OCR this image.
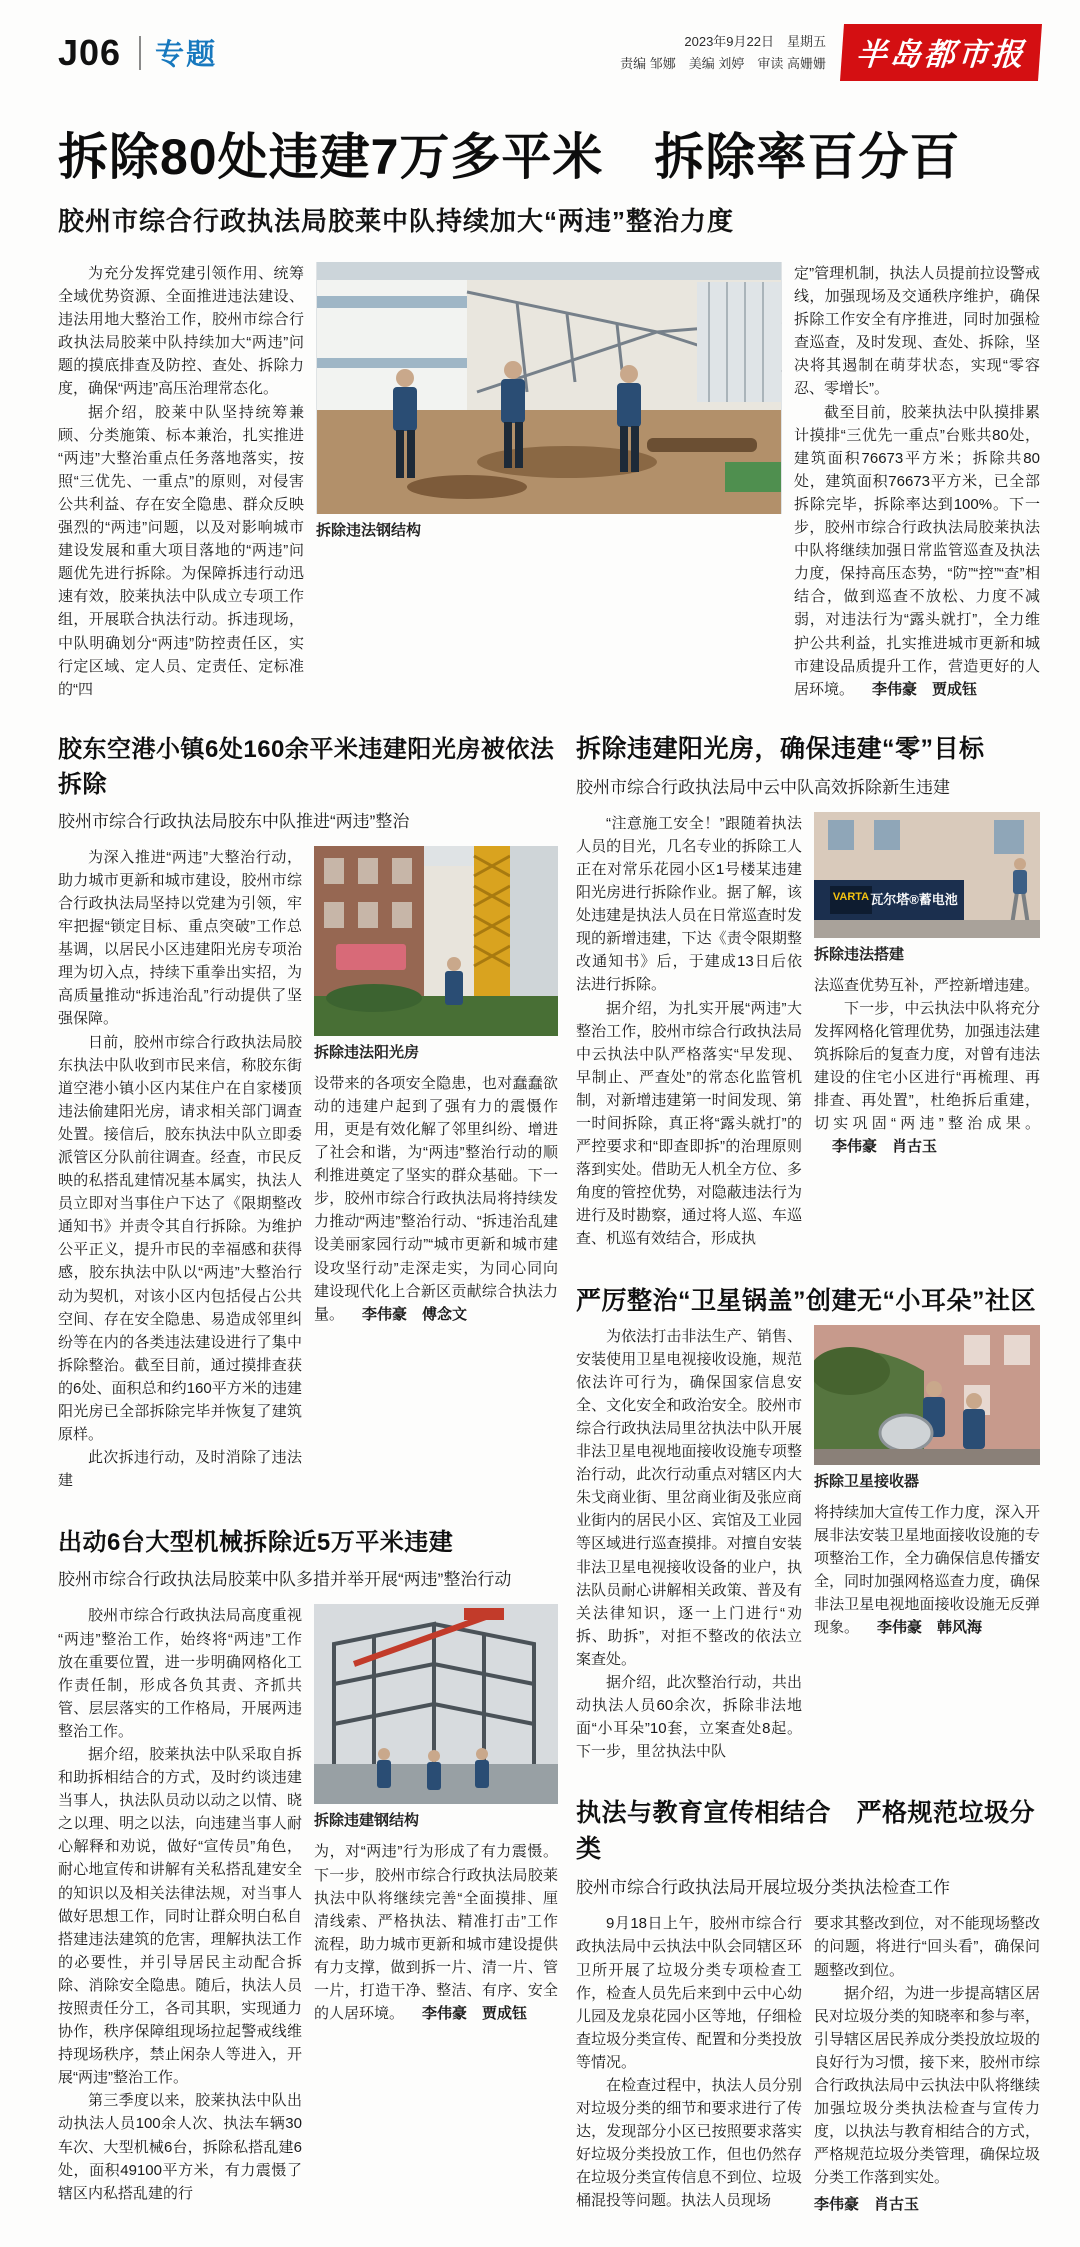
J06 专题	2023年9月22日　星期五
责编 邹娜　美编 刘婷　审读 高姗姗 半岛都市报
拆除80处违建7万多平米　拆除率百分百
胶州市综合行政执法局胶莱中队持续加大“两违”整治力度

为充分发挥党建引领作用、统筹全域优势资源、全面推进违法建设、违法用地大整治工作，胶州市综合行政执法局胶莱中队持续加大“两违”问题的摸底排查及防控、查处、拆除力度，确保“两违”高压治理常态化。

据介绍，胶莱中队坚持统筹兼顾、分类施策、标本兼治，扎实推进“两违”大整治重点任务落地落实，按照“三优先、一重点”的原则，对侵害公共利益、存在安全隐患、群众反映强烈的“两违”问题，以及对影响城市建设发展和重大项目落地的“两违”问题优先进行拆除。为保障拆违行动迅速有效，胶莱执法中队成立专项工作组，开展联合执法行动。拆违现场，中队明确划分“两违”防控责任区，实行定区域、定人员、定责任、定标准的“四

拆除违法钢结构

定”管理机制，执法人员提前拉设警戒线，加强现场及交通秩序维护，确保拆除工作安全有序推进，同时加强检查巡查，及时发现、查处、拆除，坚决将其遏制在萌芽状态，实现“零容忍、零增长”。

截至目前，胶莱执法中队摸排累计摸排“三优先一重点”台账共80处，建筑面积76673平方米；拆除共80处，建筑面积76673平方米，已全部拆除完毕，拆除率达到100%。下一步，胶州市综合行政执法局胶莱执法中队将继续加强日常监管巡查及执法力度，保持高压态势，“防”“控”“查”相结合，做到巡查不放松、力度不减弱，对违法行为“露头就打”，全力维护公共利益，扎实推进城市更新和城市建设品质提升工作，营造更好的人居环境。 李伟豪　贾成钰

胶东空港小镇6处160余平米违建阳光房被依法拆除
胶州市综合行政执法局胶东中队推进“两违”整治

为深入推进“两违”大整治行动，助力城市更新和城市建设，胶州市综合行政执法局坚持以党建为引领，牢牢把握“锁定目标、重点突破”工作总基调，以居民小区违建阳光房专项治理为切入点，持续下重拳出实招，为高质量推动“拆违治乱”行动提供了坚强保障。

日前，胶州市综合行政执法局胶东执法中队收到市民来信，称胶东街道空港小镇小区内某住户在自家楼顶违法偷建阳光房，请求相关部门调查处置。接信后，胶东执法中队立即委派管区分队前往调查。经查，市民反映的私搭乱建情况基本属实，执法人员立即对当事住户下达了《限期整改通知书》并责令其自行拆除。为维护公平正义，提升市民的幸福感和获得感，胶东执法中队以“两违”大整治行动为契机，对该小区内包括侵占公共空间、存在安全隐患、易造成邻里纠纷等在内的各类违法建设进行了集中拆除整治。截至目前，通过摸排查获的6处、面积总和约160平方米的违建阳光房已全部拆除完毕并恢复了建筑原样。

此次拆违行动，及时消除了违法建

拆除违法阳光房

设带来的各项安全隐患，也对蠢蠢欲动的违建户起到了强有力的震慑作用，更是有效化解了邻里纠纷、增进了社会和谐，为“两违”整治行动的顺利推进奠定了坚实的群众基础。下一步，胶州市综合行政执法局将持续发力推动“两违”整治行动、“拆违治乱建设美丽家园行动”“城市更新和城市建设攻坚行动”走深走实，为同心同向建设现代化上合新区贡献综合执法力量。 李伟豪　傅念文

出动6台大型机械拆除近5万平米违建
胶州市综合行政执法局胶莱中队多措并举开展“两违”整治行动

胶州市综合行政执法局高度重视“两违”整治工作，始终将“两违”工作放在重要位置，进一步明确网格化工作责任制，形成各负其责、齐抓共管、层层落实的工作格局，开展两违整治工作。

据介绍，胶莱执法中队采取自拆和助拆相结合的方式，及时约谈违建当事人，执法队员动以动之以情、晓之以理、明之以法，向违建当事人耐心解释和劝说，做好“宣传员”角色，耐心地宣传和讲解有关私搭乱建安全的知识以及相关法律法规，对当事人做好思想工作，同时让群众明白私自搭建违法建筑的危害，理解执法工作的必要性，并引导居民主动配合拆除、消除安全隐患。随后，执法人员按照责任分工，各司其职，实现通力协作，秩序保障组现场拉起警戒线维持现场秩序，禁止闲杂人等进入，开展“两违”整治工作。

第三季度以来，胶莱执法中队出动执法人员100余人次、执法车辆30车次、大型机械6台，拆除私搭乱建6处，面积49100平方米，有力震慑了辖区内私搭乱建的行

拆除违建钢结构

为，对“两违”行为形成了有力震慑。下一步，胶州市综合行政执法局胶莱执法中队将继续完善“全面摸排、厘清线索、严格执法、精准打击”工作流程，助力城市更新和城市建设提供有力支撑，做到拆一片、清一片、管一片，打造干净、整洁、有序、安全的人居环境。 李伟豪　贾成钰

拆除违建阳光房，确保违建“零”目标
胶州市综合行政执法局中云中队高效拆除新生违建

“注意施工安全！”跟随着执法人员的目光，几名专业的拆除工人正在对常乐花园小区1号楼某违建阳光房进行拆除作业。据了解，该处违建是执法人员在日常巡查时发现的新增违建，下达《责令限期整改通知书》后，于建成13日后依法进行拆除。

据介绍，为扎实开展“两违”大整治工作，胶州市综合行政执法局中云执法中队严格落实“早发现、早制止、严查处”的常态化监管机制，对新增违建第一时间发现、第一时间拆除，真正将“露头就打”的严控要求和“即查即拆”的治理原则落到实处。借助无人机全方位、多角度的管控优势，对隐蔽违法行为进行及时勘察，通过将人巡、车巡查、机巡有效结合，形成执

VARTA 瓦尔塔®蓄电池
拆除违法搭建

法巡查优势互补，严控新增违建。

下一步，中云执法中队将充分发挥网格化管理优势，加强违法建筑拆除后的复查力度，对曾有违法建设的住宅小区进行“再梳理、再排查、再处置”，杜绝拆后重建，切实巩固“两违”整治成果。李伟豪　肖古玉

严厉整治“卫星锅盖”创建无“小耳朵”社区

为依法打击非法生产、销售、安装使用卫星电视接收设施，规范依法许可行为，确保国家信息安全、文化安全和政治安全。胶州市综合行政执法局里岔执法中队开展非法卫星电视地面接收设施专项整治行动，此次行动重点对辖区内大朱戈商业街、里岔商业街及张应商业街内的居民小区、宾馆及工业园等区域进行巡查摸排。对擅自安装非法卫星电视接收设备的业户，执法队员耐心讲解相关政策、普及有关法律知识，逐一上门进行“劝拆、助拆”，对拒不整改的依法立案查处。

据介绍，此次整治行动，共出动执法人员60余次，拆除非法地面“小耳朵”10套，立案查处8起。下一步，里岔执法中队

拆除卫星接收器

将持续加大宣传工作力度，深入开展非法安装卫星地面接收设施的专项整治工作，全力确保信息传播安全，同时加强网格巡查力度，确保非法卫星电视地面接收设施无反弹现象。 李伟豪　韩风海

执法与教育宣传相结合　严格规范垃圾分类
胶州市综合行政执法局开展垃圾分类执法检查工作

9月18日上午，胶州市综合行政执法局中云执法中队会同辖区环卫所开展了垃圾分类专项检查工作，检查人员先后来到中云中心幼儿园及龙泉花园小区等地，仔细检查垃圾分类宣传、配置和分类投放等情况。

在检查过程中，执法人员分别对垃圾分类的细节和要求进行了传达，发现部分小区已按照要求落实好垃圾分类投放工作，但也仍然存在垃圾分类宣传信息不到位、垃圾桶混投等问题。执法人员现场

要求其整改到位，对不能现场整改的问题，将进行“回头看”，确保问题整改到位。

据介绍，为进一步提高辖区居民对垃圾分类的知晓率和参与率，引导辖区居民养成分类投放垃圾的良好行为习惯，接下来，胶州市综合行政执法局中云执法中队将继续加强垃圾分类执法检查与宣传力度，以执法与教育相结合的方式，严格规范垃圾分类管理，确保垃圾分类工作落到实处。

李伟豪　肖古玉
